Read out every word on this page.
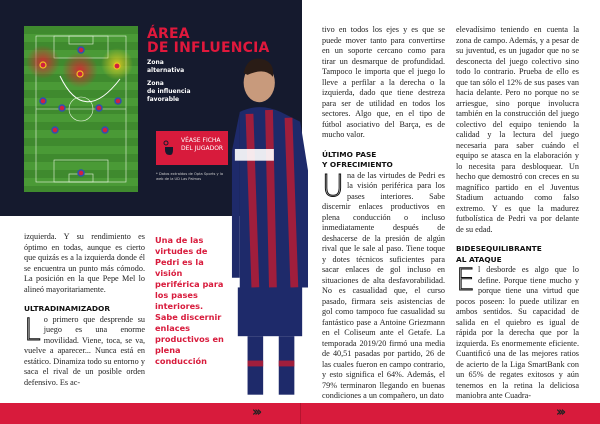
ÁREA
DE INFLUENCIA
Zona alternativa
Zona
de influencia
favorable
VÉASE FICHA DEL JUGADOR
* Datos extraídos de Opta Sports y la web de la UD Las Palmas

izquierda. Y su rendimiento es óptimo en todas, aunque es cierto que quizás es a la izquierda donde él se encuentra un punto más cómodo. La posición en la que Pepe Mel lo alineó mayoritariamente.

ULTRADINAMIZADOR

Lo primero que desprende su juego es una enorme movilidad. Viene, toca, se va, vuelve a aparecer... Nunca está en estático. Dinamiza todo su entorno y saca el rival de un posible orden defensivo. Es ac-

Una de las virtudes de Pedri es la visión periférica para los pases interiores. Sabe discernir enlaces productivos en plena conducción

tivo en todos los ejes y es que se puede mover tanto para convertirse en un soporte cercano como para tirar un desmarque de profundidad. Tampoco le importa que el juego lo lleve a perfilar a la derecha o la izquierda, dado que tiene destreza para ser de utilidad en todos los sectores. Algo que, en el tipo de fútbol asociativo del Barça, es de mucho valor.

ÚLTIMO PASE
Y OFRECIMIENTO

Una de las virtudes de Pedri es la visión periférica para los pases interiores. Sabe discernir enlaces productivos en plena conducción o incluso inmediatamente después de deshacerse de la presión de algún rival que le sale al paso. Tiene toque y dotes técnicos suficientes para sacar enlaces de gol incluso en situaciones de alta desfavorabilidad. No es casualidad que, el curso pasado, firmara seis asistencias de gol como tampoco fue casualidad su fantástico pase a Antoine Griezmann en el Coliseum ante el Getafe. La temporada 2019/20 firmó una media de 40,51 pasadas por partido, 26 de las cuales fueron en campo contrario, y esto significa el 64%. Además, el 79% terminaron llegando en buenas condiciones a un compañero, un dato

elevadísimo teniendo en cuenta la zona de campo. Además, y a pesar de su juventud, es un jugador que no se desconecta del juego colectivo sino todo lo contrario. Prueba de ello es que tan sólo el 12% de sus pases van hacia delante. Pero no porque no se arriesgue, sino porque involucra también en la construcción del juego colectivo del equipo teniendo la calidad y la lectura del juego necesaria para saber cuándo el equipo se atasca en la elaboración y lo necesita para desbloquear. Un hecho que demostró con creces en su magnífico partido en el Juventus Stadium actuando como falso extremo. Y es que la madurez futbolística de Pedri va por delante de su edad.

BIDESEQUILIBRANTE
AL ATAQUE

El desborde es algo que lo define. Porque tiene mucho y porque tiene una virtud que pocos poseen: lo puede utilizar en ambos sentidos. Su capacidad de salida en el quiebro es igual de rápida por la derecha que por la izquierda. Es enormemente eficiente. Cuantificó una de las mejores ratios de acierto de la Liga SmartBank con un 65% de regates exitosos y aún tenemos en la retina la deliciosa maniobra ante Cuadra-

›››	›››
